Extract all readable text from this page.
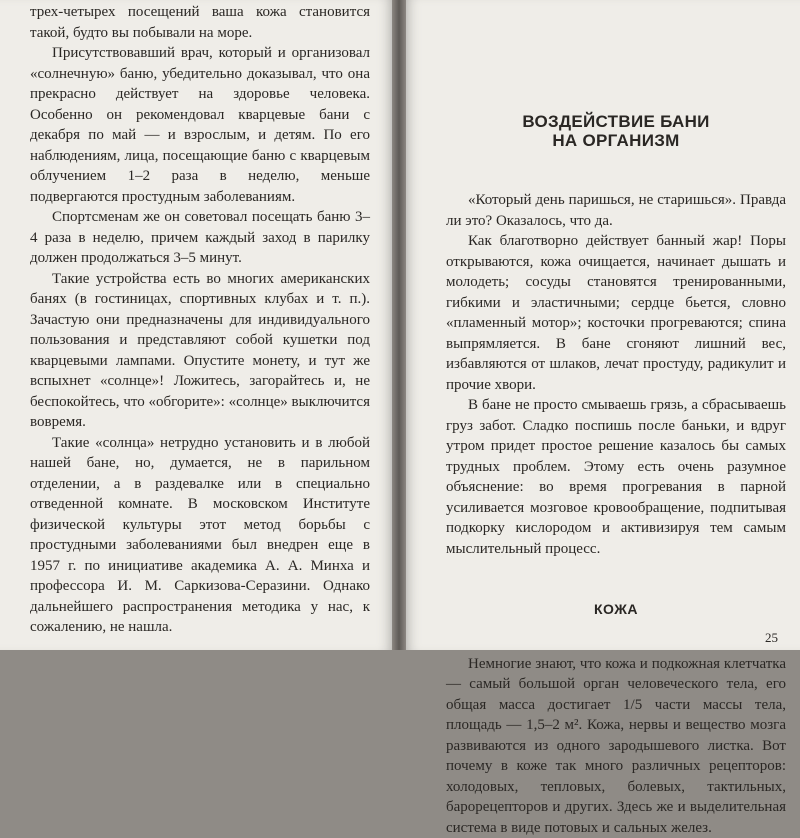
трех-четырех посещений ваша кожа становится такой, будто вы побывали на море.

Присутствовавший врач, который и организовал «солнечную» баню, убедительно доказывал, что она прекрасно действует на здоровье человека. Особенно он рекомендовал кварцевые бани с декабря по май — и взрослым, и детям. По его наблюдениям, лица, посещающие баню с кварцевым облучением 1–2 раза в неделю, меньше подвергаются простудным заболеваниям.

Спортсменам же он советовал посещать баню 3–4 раза в неделю, причем каждый заход в парилку должен продолжаться 3–5 минут.

Такие устройства есть во многих американских банях (в гостиницах, спортивных клубах и т. п.). Зачастую они предназначены для индивидуального пользования и представляют собой кушетки под кварцевыми лампами. Опустите монету, и тут же вспыхнет «солнце»! Ложитесь, загорайтесь и, не беспокойтесь, что «обгорите»: «солнце» выключится вовремя.

Такие «солнца» нетрудно установить и в любой нашей бане, но, думается, не в парильном отделении, а в раздевалке или в специально отведенной комнате. В московском Институте физической культуры этот метод борьбы с простудными заболеваниями был внедрен еще в 1957 г. по инициативе академика А. А. Минха и профессора И. М. Саркизова-Серазини. Однако дальнейшего распространения методика у нас, к сожалению, не нашла.

ВОЗДЕЙСТВИЕ БАНИ
НА ОРГАНИЗМ

«Который день паришься, не старишься». Правда ли это? Оказалось, что да.

Как благотворно действует банный жар! Поры открываются, кожа очищается, начинает дышать и молодеть; сосуды становятся тренированными, гибкими и эластичными; сердце бьется, словно «пламенный мотор»; косточки прогреваются; спина выпрямляется. В бане сгоняют лишний вес, избавляются от шлаков, лечат простуду, радикулит и прочие хвори.

В бане не просто смываешь грязь, а сбрасываешь груз забот. Сладко поспишь после баньки, и вдруг утром придет простое решение казалось бы самых трудных проблем. Этому есть очень разумное объяснение: во время прогревания в парной усиливается мозговое кровообращение, подпитывая подкорку кислородом и активизируя тем самым мыслительный процесс.

КОЖА

Немногие знают, что кожа и подкожная клетчатка — самый большой орган человеческого тела, его общая масса достигает 1/5 части массы тела, площадь — 1,5–2 м². Кожа, нервы и вещество мозга развиваются из одного зародышевого листка. Вот почему в коже так много различных рецепторов: холодовых, тепловых, болевых, тактильных, барорецепторов и других. Здесь же и выделительная система в виде потовых и сальных желез.

25
